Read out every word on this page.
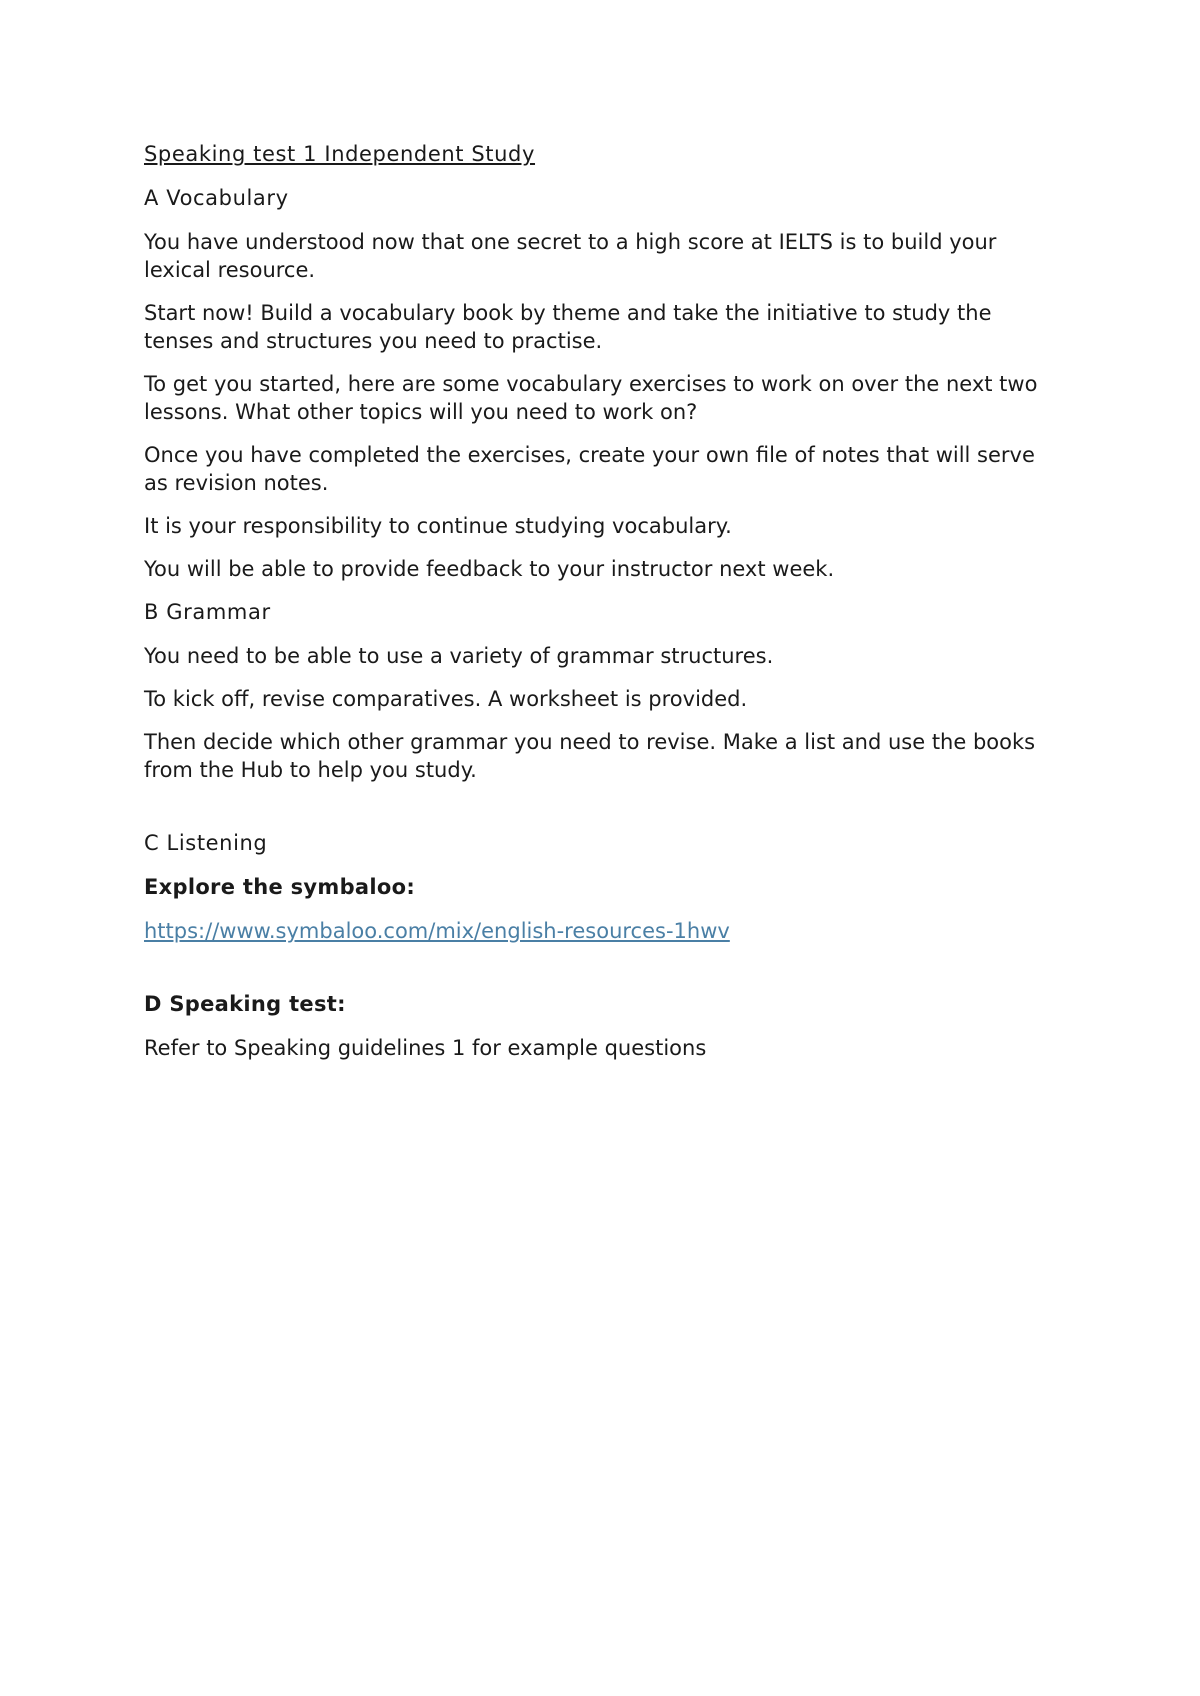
Speaking test 1 Independent Study
A Vocabulary

You have understood now that one secret to a high score at IELTS is to build your lexical resource.

Start now! Build a vocabulary book by theme and take the initiative to study the tenses and structures you need to practise.

To get you started, here are some vocabulary exercises to work on over the next two lessons. What other topics will you need to work on?

Once you have completed the exercises, create your own file of notes that will serve as revision notes.

It is your responsibility to continue studying vocabulary.

You will be able to provide feedback to your instructor next week.

B Grammar

You need to be able to use a variety of grammar structures.

To kick off, revise comparatives. A worksheet is provided.

Then decide which other grammar you need to revise. Make a list and use the books from the Hub to help you study.

C Listening
Explore the symbaloo:

https://www.symbaloo.com/mix/english-resources-1hwv

D Speaking test:

Refer to Speaking guidelines 1 for example questions
